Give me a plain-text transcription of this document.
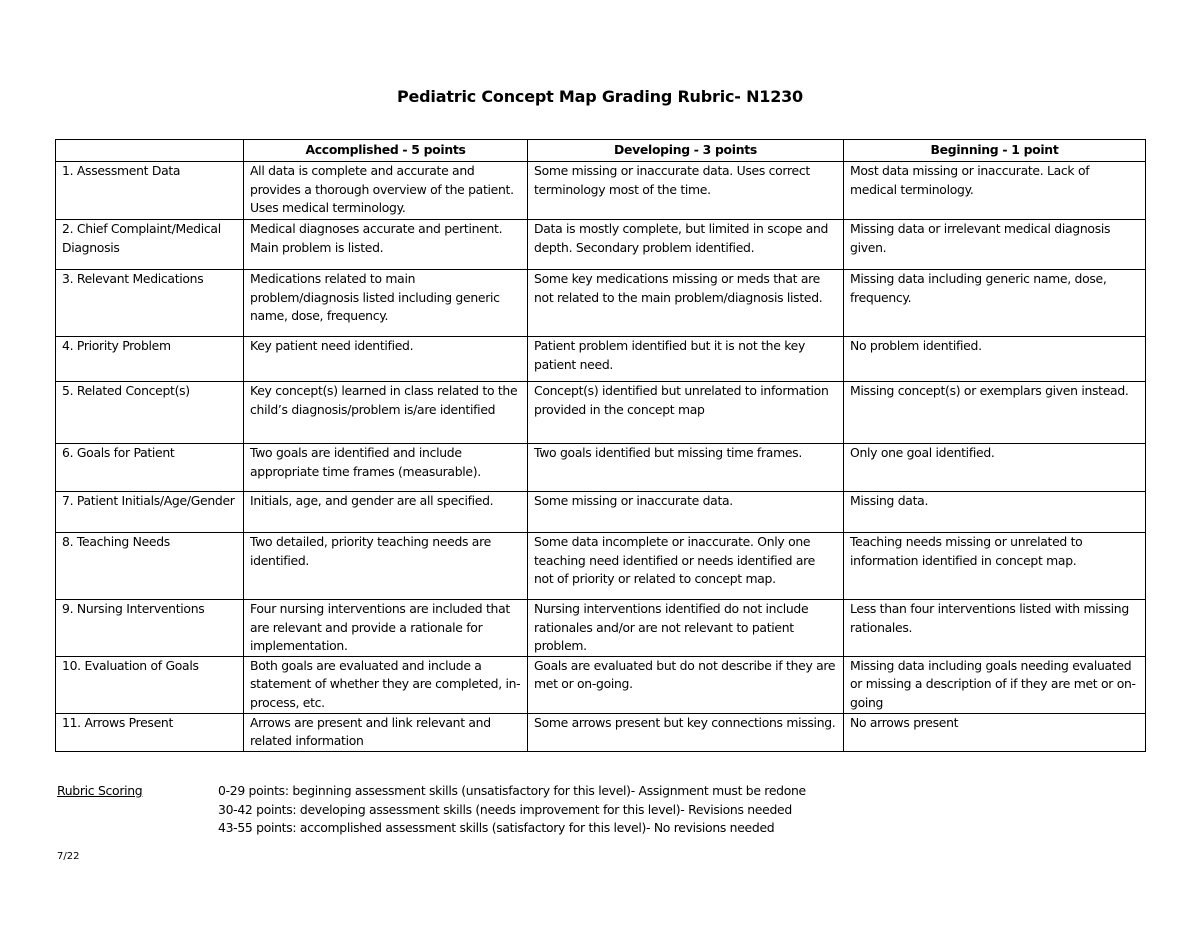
Pediatric Concept Map Grading Rubric- N1230
	Accomplished - 5 points	Developing - 3 points	Beginning - 1 point
1. Assessment Data	All data is complete and accurate and provides a thorough overview of the patient. Uses medical terminology.	Some missing or inaccurate data. Uses correct terminology most of the time.	Most data missing or inaccurate. Lack of medical terminology.
2. Chief Complaint/Medical Diagnosis	Medical diagnoses accurate and pertinent. Main problem is listed.	Data is mostly complete, but limited in scope and depth. Secondary problem identified.	Missing data or irrelevant medical diagnosis given.
3. Relevant Medications	Medications related to main problem/diagnosis listed including generic name, dose, frequency.	Some key medications missing or meds that are not related to the main problem/diagnosis listed.	Missing data including generic name, dose, frequency.
4. Priority Problem	Key patient need identified.	Patient problem identified but it is not the key patient need.	No problem identified.
5. Related Concept(s)	Key concept(s) learned in class related to the child’s diagnosis/problem is/are identified	Concept(s) identified but unrelated to information provided in the concept map	Missing concept(s) or exemplars given instead.
6. Goals for Patient	Two goals are identified and include appropriate time frames (measurable).	Two goals identified but missing time frames.	Only one goal identified.
7. Patient Initials/Age/Gender	Initials, age, and gender are all specified.	Some missing or inaccurate data.	Missing data.
8. Teaching Needs	Two detailed, priority teaching needs are identified.	Some data incomplete or inaccurate. Only one teaching need identified or needs identified are not of priority or related to concept map.	Teaching needs missing or unrelated to information identified in concept map.
9. Nursing Interventions	Four nursing interventions are included that are relevant and provide a rationale for implementation.	Nursing interventions identified do not include rationales and/or are not relevant to patient problem.	Less than four interventions listed with missing rationales.
10. Evaluation of Goals	Both goals are evaluated and include a statement of whether they are completed, in-process, etc.	Goals are evaluated but do not describe if they are met or on-going.	Missing data including goals needing evaluated or missing a description of if they are met or on-going
11. Arrows Present	Arrows are present and link relevant and related information	Some arrows present but key connections missing.	No arrows present
Rubric Scoring	0-29 points: beginning assessment skills (unsatisfactory for this level)- Assignment must be redone
30-42 points: developing assessment skills (needs improvement for this level)- Revisions needed
43-55 points: accomplished assessment skills (satisfactory for this level)- No revisions needed
7/22
